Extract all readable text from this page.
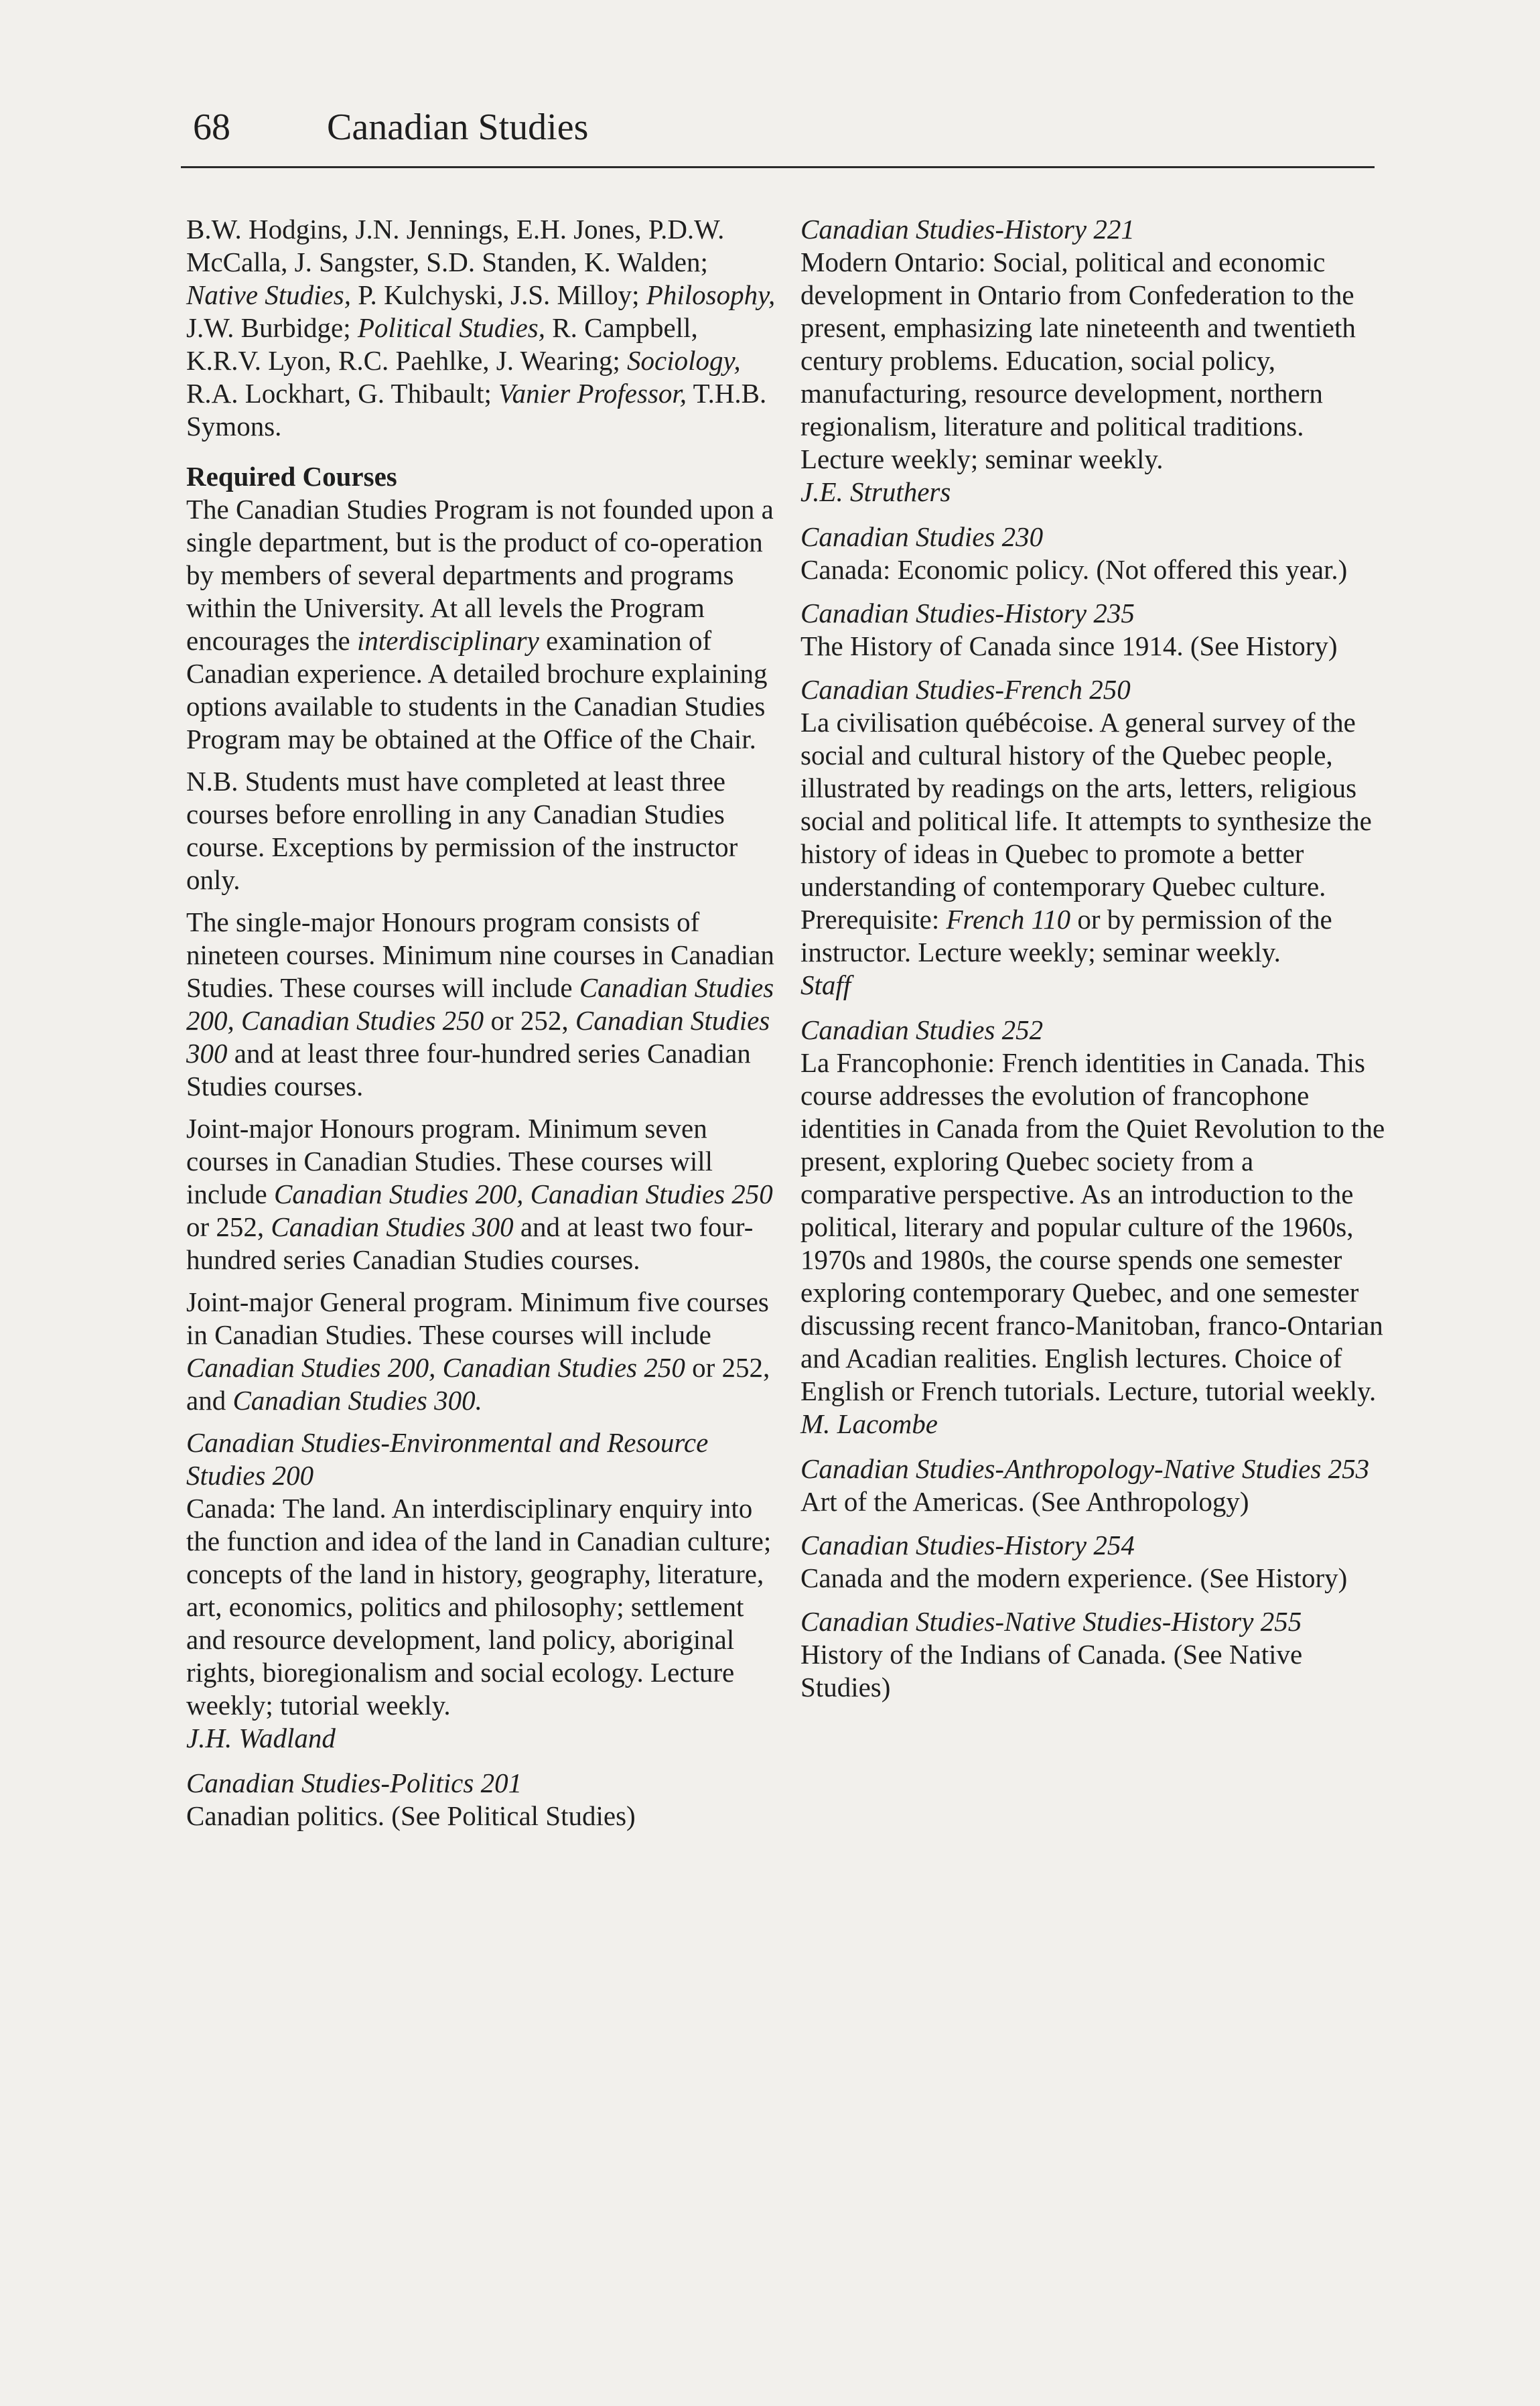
68	Canadian Studies

B.W. Hodgins, J.N. Jennings, E.H. Jones, P.D.W. McCalla, J. Sangster, S.D. Standen, K. Walden; Native Studies, P. Kulchyski, J.S. Milloy; Philosophy, J.W. Burbidge; Political Studies, R. Campbell, K.R.V. Lyon, R.C. Paehlke, J. Wearing; Sociology, R.A. Lockhart, G. Thibault; Vanier Professor, T.H.B. Symons.

Required Courses

The Canadian Studies Program is not founded upon a single department, but is the product of co-operation by members of several departments and programs within the University. At all levels the Program encourages the interdisciplinary examination of Canadian experience. A detailed brochure explaining options available to students in the Canadian Studies Program may be obtained at the Office of the Chair.

N.B. Students must have completed at least three courses before enrolling in any Canadian Studies course. Exceptions by permission of the instructor only.

The single-major Honours program consists of nineteen courses. Minimum nine courses in Canadian Studies. These courses will include Canadian Studies 200, Canadian Studies 250 or 252, Canadian Studies 300 and at least three four-hundred series Canadian Studies courses.

Joint-major Honours program. Minimum seven courses in Canadian Studies. These courses will include Canadian Studies 200, Canadian Studies 250 or 252, Canadian Studies 300 and at least two four-hundred series Canadian Studies courses.

Joint-major General program. Minimum five courses in Canadian Studies. These courses will include Canadian Studies 200, Canadian Studies 250 or 252, and Canadian Studies 300.

Canadian Studies-Environmental and Resource Studies 200

Canada: The land. An interdisciplinary enquiry into the function and idea of the land in Canadian culture; concepts of the land in history, geography, literature, art, economics, politics and philosophy; settlement and resource development, land policy, aboriginal rights, bioregionalism and social ecology. Lecture weekly; tutorial weekly.

J.H. Wadland

Canadian Studies-Politics 201

Canadian politics. (See Political Studies)

Canadian Studies-History 221

Modern Ontario: Social, political and economic development in Ontario from Confederation to the present, emphasizing late nineteenth and twentieth century problems. Education, social policy, manufacturing, resource development, northern regionalism, literature and political traditions. Lecture weekly; seminar weekly.

J.E. Struthers

Canadian Studies 230

Canada: Economic policy. (Not offered this year.)

Canadian Studies-History 235

The History of Canada since 1914. (See History)

Canadian Studies-French 250

La civilisation québécoise. A general survey of the social and cultural history of the Quebec people, illustrated by readings on the arts, letters, religious social and political life. It attempts to synthesize the history of ideas in Quebec to promote a better understanding of contemporary Quebec culture. Prerequisite: French 110 or by permission of the instructor. Lecture weekly; seminar weekly.

Staff

Canadian Studies 252

La Francophonie: French identities in Canada. This course addresses the evolution of francophone identities in Canada from the Quiet Revolution to the present, exploring Quebec society from a comparative perspective. As an introduction to the political, literary and popular culture of the 1960s, 1970s and 1980s, the course spends one semester exploring contemporary Quebec, and one semester discussing recent franco-Manitoban, franco-Ontarian and Acadian realities. English lectures. Choice of English or French tutorials. Lecture, tutorial weekly.

M. Lacombe

Canadian Studies-Anthropology-Native Studies 253

Art of the Americas. (See Anthropology)

Canadian Studies-History 254

Canada and the modern experience. (See History)

Canadian Studies-Native Studies-History 255

History of the Indians of Canada. (See Native Studies)
